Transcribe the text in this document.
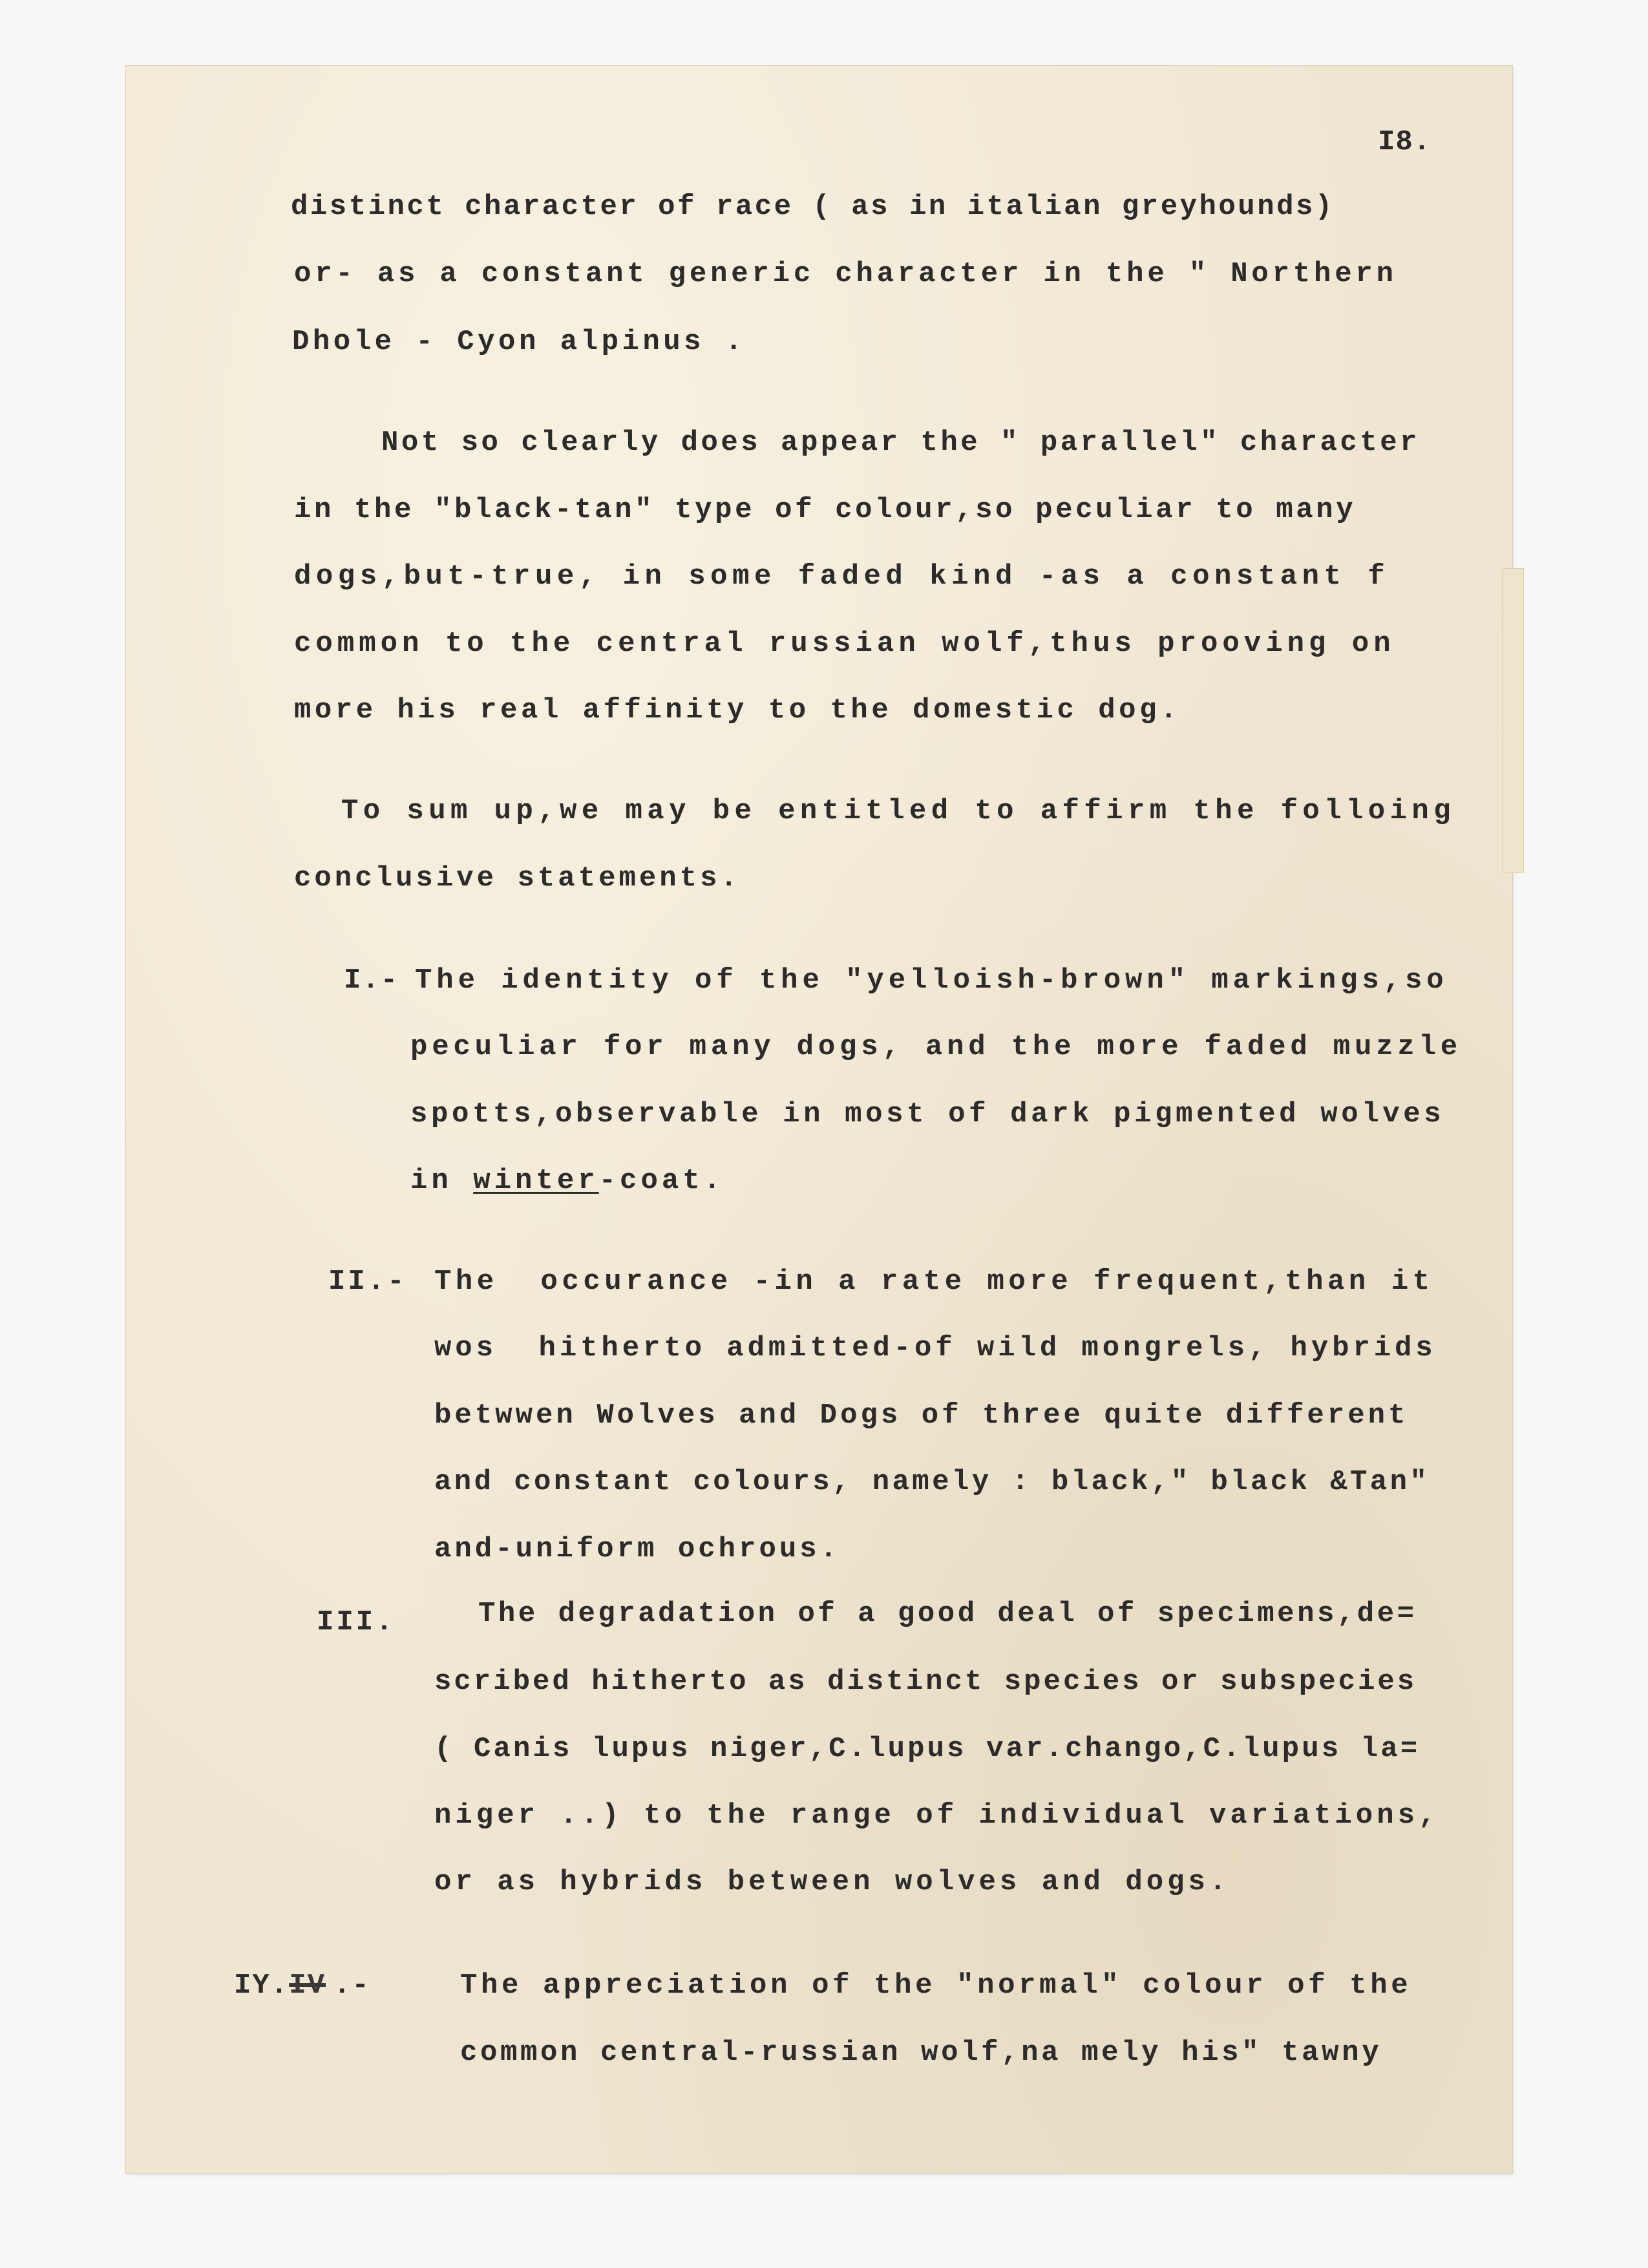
I8.
distinct character of race ( as in italian greyhounds)
or- as a constant generic character in the " Northern
Dhole - Cyon alpinus .
Not so clearly does appear the " parallel" character
in the "black-tan" type of colour,so peculiar to many
dogs,but-true, in some faded kind -as a constant f
common to the central russian wolf,thus prooving on
more his real affinity to the domestic dog.
To sum up,we may be entitled to affirm the folloing
conclusive statements.
I.- The identity of the "yelloish-brown" markings,so
peculiar for many dogs, and the more faded muzzle
spotts,observable in most of dark pigmented wolves
in winter-coat.
II.- The  occurance -in a rate more frequent,than it
wos  hitherto admitted-of wild mongrels, hybrids
betwwen Wolves and Dogs of three quite different
and constant colours, namely : black," black &Tan"
and-uniform ochrous.
III.	The degradation of a good deal of specimens,de=
scribed hitherto as distinct species or subspecies
( Canis lupus niger,C.lupus var.chango,C.lupus la=
niger ..) to the range of individual variations,
or as hybrids between wolves and dogs.
IY.IV .-	The appreciation of the "normal" colour of the
common central-russian wolf,na mely his" tawny
